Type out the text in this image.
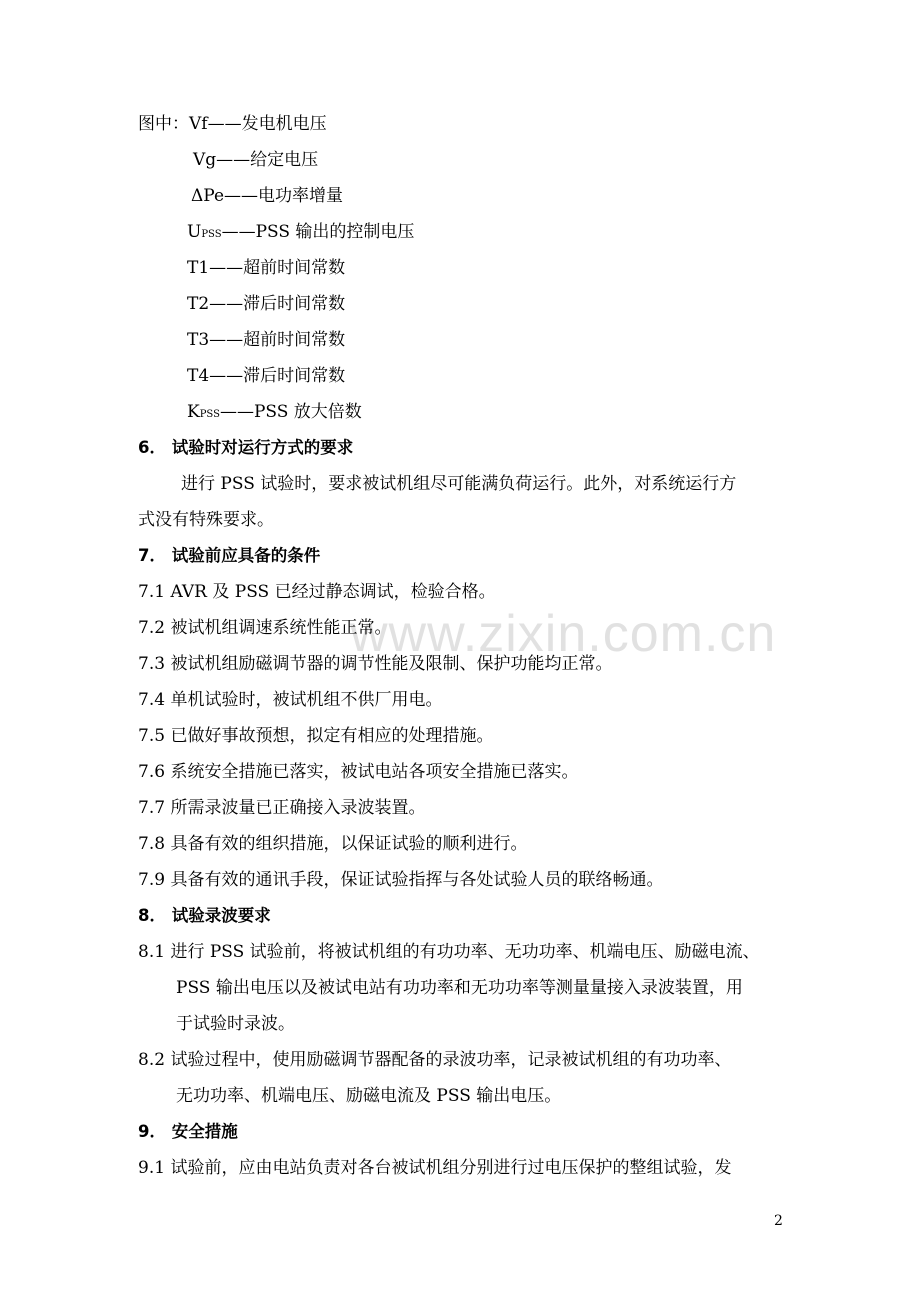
www.zixin.com.cn
图中：Vf——发电机电压
Vg——给定电压
ΔPe——电功率增量
UPSS——PSS 输出的控制电压
T1——超前时间常数
T2——滞后时间常数
T3——超前时间常数
T4——滞后时间常数
KPSS——PSS 放大倍数
6． 试验时对运行方式的要求
进行 PSS 试验时，要求被试机组尽可能满负荷运行。此外，对系统运行方
式没有特殊要求。
7． 试验前应具备的条件
7.1 AVR 及 PSS 已经过静态调试，检验合格。
7.2 被试机组调速系统性能正常。
7.3 被试机组励磁调节器的调节性能及限制、保护功能均正常。
7.4 单机试验时，被试机组不供厂用电。
7.5 已做好事故预想，拟定有相应的处理措施。
7.6 系统安全措施已落实，被试电站各项安全措施已落实。
7.7 所需录波量已正确接入录波装置。
7.8 具备有效的组织措施，以保证试验的顺利进行。
7.9 具备有效的通讯手段，保证试验指挥与各处试验人员的联络畅通。
8． 试验录波要求
8.1 进行 PSS 试验前，将被试机组的有功功率、无功功率、机端电压、励磁电流、
PSS 输出电压以及被试电站有功功率和无功功率等测量量接入录波装置，用
于试验时录波。
8.2 试验过程中，使用励磁调节器配备的录波功率，记录被试机组的有功功率、
无功功率、机端电压、励磁电流及 PSS 输出电压。
9． 安全措施
9.1 试验前，应由电站负责对各台被试机组分别进行过电压保护的整组试验，发
2
